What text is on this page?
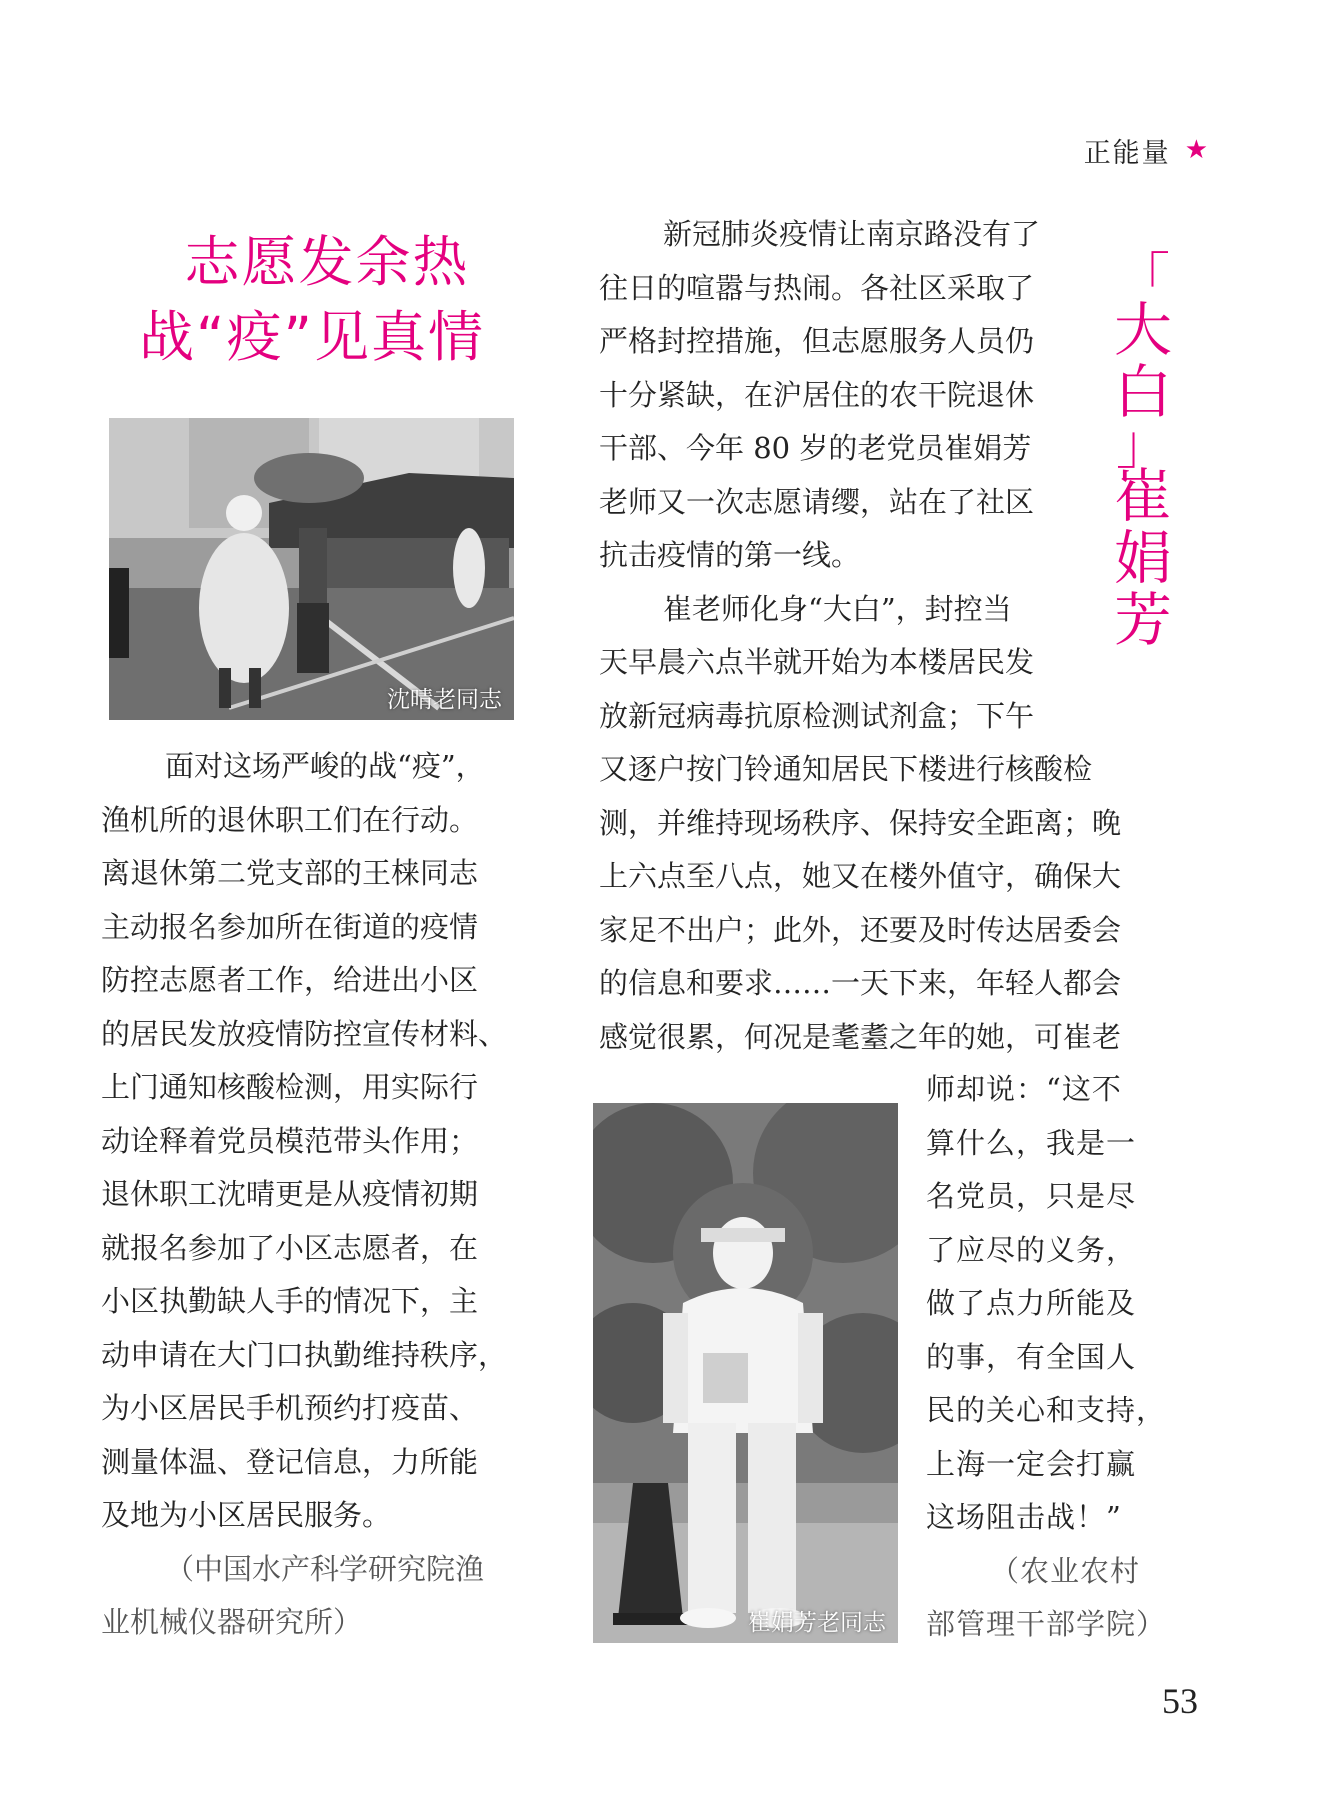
正能量 ★
志愿发余热
战“疫”见真情
沈晴老同志
面对这场严峻的战“疫”，
渔机所的退休职工们在行动。
离退休第二党支部的王梾同志
主动报名参加所在街道的疫情
防控志愿者工作，给进出小区
的居民发放疫情防控宣传材料、
上门通知核酸检测，用实际行
动诠释着党员模范带头作用；
退休职工沈晴更是从疫情初期
就报名参加了小区志愿者，在
小区执勤缺人手的情况下，主
动申请在大门口执勤维持秩序，
为小区居民手机预约打疫苗、
测量体温、登记信息，力所能
及地为小区居民服务。
（中国水产科学研究院渔
业机械仪器研究所）
「
大
白
」
崔
娟
芳
新冠肺炎疫情让南京路没有了
往日的喧嚣与热闹。各社区采取了
严格封控措施，但志愿服务人员仍
十分紧缺，在沪居住的农干院退休
干部、今年 80 岁的老党员崔娟芳
老师又一次志愿请缨，站在了社区
抗击疫情的第一线。
崔老师化身“大白”，封控当
天早晨六点半就开始为本楼居民发
放新冠病毒抗原检测试剂盒；下午
又逐户按门铃通知居民下楼进行核酸检
测，并维持现场秩序、保持安全距离；晚
上六点至八点，她又在楼外值守，确保大
家足不出户；此外，还要及时传达居委会
的信息和要求……一天下来，年轻人都会
感觉很累，何况是耄耋之年的她，可崔老
崔娟芳老同志
师却说：“这不
算什么，我是一
名党员，只是尽
了应尽的义务，
做了点力所能及
的事，有全国人
民的关心和支持，
上海一定会打赢
这场阻击战！”
（农业农村
部管理干部学院）
53
